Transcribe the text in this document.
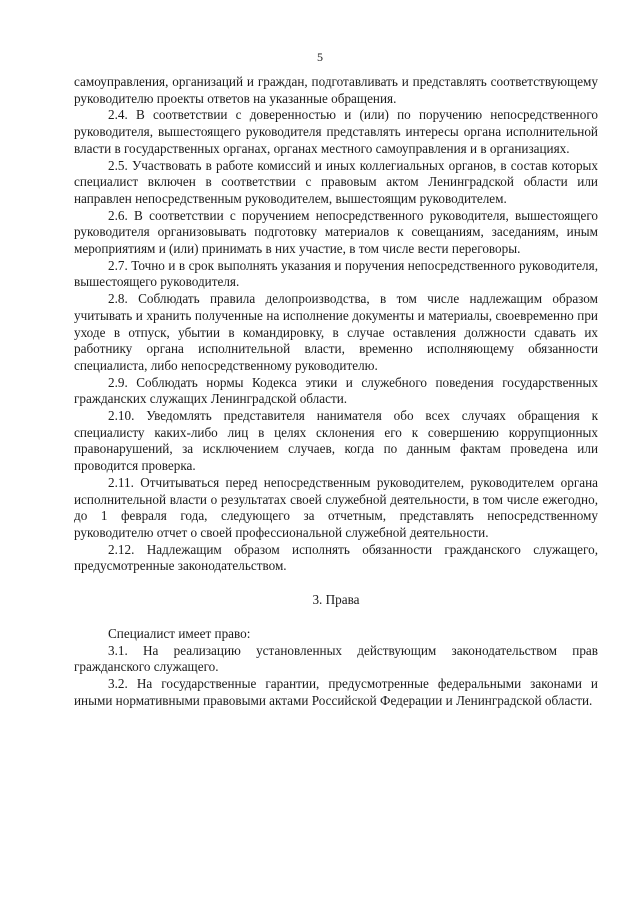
5

самоуправления, организаций и граждан, подготавливать и представлять соответствующему руководителю проекты ответов на указанные обращения.

2.4. В соответствии с доверенностью и (или) по поручению непосредственного руководителя, вышестоящего руководителя представлять интересы органа исполнительной власти в государственных органах, органах местного самоуправления и в организациях.

2.5. Участвовать в работе комиссий и иных коллегиальных органов, в состав которых специалист включен в соответствии с правовым актом Ленинградской области или направлен непосредственным руководителем, вышестоящим руководителем.

2.6. В соответствии с поручением непосредственного руководителя, вышестоящего руководителя организовывать подготовку материалов к совещаниям, заседаниям, иным мероприятиям и (или) принимать в них участие, в том числе вести переговоры.

2.7. Точно и в срок выполнять указания и поручения непосредственного руководителя, вышестоящего руководителя.

2.8. Соблюдать правила делопроизводства, в том числе надлежащим образом учитывать и хранить полученные на исполнение документы и материалы, своевременно при уходе в отпуск, убытии в командировку, в случае оставления должности сдавать их работнику органа исполнительной власти, временно исполняющему обязанности специалиста, либо непосредственному руководителю.

2.9. Соблюдать нормы Кодекса этики и служебного поведения государственных гражданских служащих Ленинградской области.

2.10. Уведомлять представителя нанимателя обо всех случаях обращения к специалисту каких-либо лиц в целях склонения его к совершению коррупционных правонарушений, за исключением случаев, когда по данным фактам проведена или проводится проверка.

2.11. Отчитываться перед непосредственным руководителем, руководителем органа исполнительной власти о результатах своей служебной деятельности, в том числе ежегодно, до 1 февраля года, следующего за отчетным, представлять непосредственному руководителю отчет о своей профессиональной служебной деятельности.

2.12. Надлежащим образом исполнять обязанности гражданского служащего, предусмотренные законодательством.

3. Права

Специалист имеет право:

3.1. На реализацию установленных действующим законодательством прав гражданского служащего.

3.2. На государственные гарантии, предусмотренные федеральными законами и иными нормативными правовыми актами Российской Федерации и Ленинградской области.
